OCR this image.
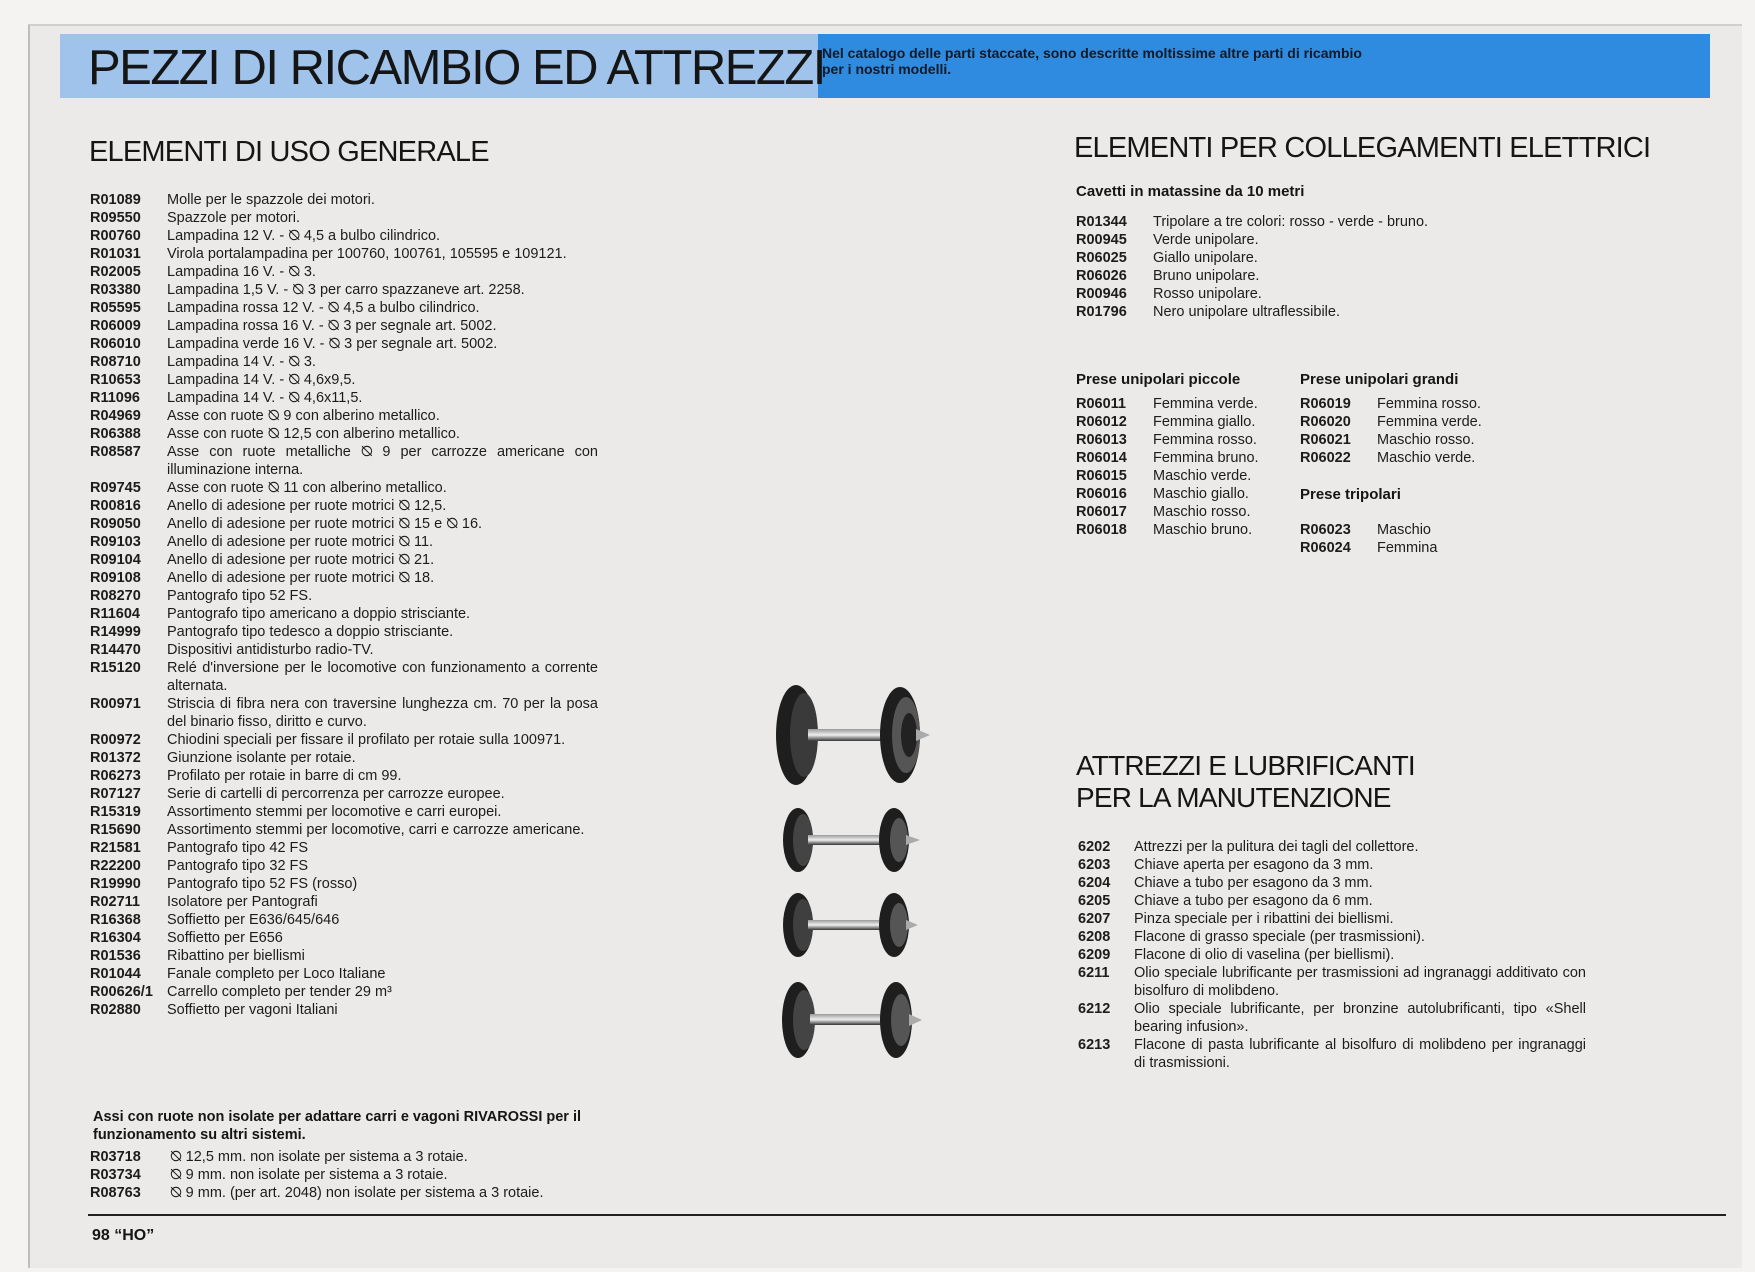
PEZZI DI RICAMBIO ED ATTREZZI
Nel catalogo delle parti staccate, sono descritte moltissime altre parti di ricambio per i nostri modelli.
ELEMENTI DI USO GENERALE
R01089	Molle per le spazzole dei motori.
R09550	Spazzole per motori.
R00760	Lampadina 12 V. - ⦰ 4,5 a bulbo cilindrico.
R01031	Virola portalampadina per 100760, 100761, 105595 e 109121.
R02005	Lampadina 16 V. - ⦰ 3.
R03380	Lampadina 1,5 V. - ⦰ 3 per carro spazzaneve art. 2258.
R05595	Lampadina rossa 12 V. - ⦰ 4,5 a bulbo cilindrico.
R06009	Lampadina rossa 16 V. - ⦰ 3 per segnale art. 5002.
R06010	Lampadina verde 16 V. - ⦰ 3 per segnale art. 5002.
R08710	Lampadina 14 V. - ⦰ 3.
R10653	Lampadina 14 V. - ⦰ 4,6x9,5.
R11096	Lampadina 14 V. - ⦰ 4,6x11,5.
R04969	Asse con ruote ⦰ 9 con alberino metallico.
R06388	Asse con ruote ⦰ 12,5 con alberino metallico.
R08587	Asse con ruote metalliche ⦰ 9 per carrozze americane con illuminazione interna.
R09745	Asse con ruote ⦰ 11 con alberino metallico.
R00816	Anello di adesione per ruote motrici ⦰ 12,5.
R09050	Anello di adesione per ruote motrici ⦰ 15 e ⦰ 16.
R09103	Anello di adesione per ruote motrici ⦰ 11.
R09104	Anello di adesione per ruote motrici ⦰ 21.
R09108	Anello di adesione per ruote motrici ⦰ 18.
R08270	Pantografo tipo 52 FS.
R11604	Pantografo tipo americano a doppio strisciante.
R14999	Pantografo tipo tedesco a doppio strisciante.
R14470	Dispositivi antidisturbo radio-TV.
R15120	Relé d'inversione per le locomotive con funzionamento a corrente alternata.
R00971	Striscia di fibra nera con traversine lunghezza cm. 70 per la posa del binario fisso, diritto e curvo.
R00972	Chiodini speciali per fissare il profilato per rotaie sulla 100971.
R01372	Giunzione isolante per rotaie.
R06273	Profilato per rotaie in barre di cm 99.
R07127	Serie di cartelli di percorrenza per carrozze europee.
R15319	Assortimento stemmi per locomotive e carri europei.
R15690	Assortimento stemmi per locomotive, carri e carrozze americane.
R21581	Pantografo tipo 42 FS
R22200	Pantografo tipo 32 FS
R19990	Pantografo tipo 52 FS (rosso)
R02711	Isolatore per Pantografi
R16368	Soffietto per E636/645/646
R16304	Soffietto per E656
R01536	Ribattino per biellismi
R01044	Fanale completo per Loco Italiane
R00626/1 Carrello completo per tender 29 m³
R02880	Soffietto per vagoni Italiani
Assi con ruote non isolate per adattare carri e vagoni RIVAROSSI per il funzionamento su altri sistemi.
R03718	⦰ 12,5 mm. non isolate per sistema a 3 rotaie.
R03734	⦰ 9 mm. non isolate per sistema a 3 rotaie.
R08763	⦰ 9 mm. (per art. 2048) non isolate per sistema a 3 rotaie.
ELEMENTI PER COLLEGAMENTI ELETTRICI
Cavetti in matassine da 10 metri
R01344	Tripolare a tre colori: rosso - verde - bruno.
R00945	Verde unipolare.
R06025	Giallo unipolare.
R06026	Bruno unipolare.
R00946	Rosso unipolare.
R01796	Nero unipolare ultraflessibile.
Prese unipolari piccole
R06011	Femmina verde.
R06012	Femmina giallo.
R06013	Femmina rosso.
R06014	Femmina bruno.
R06015	Maschio verde.
R06016	Maschio giallo.
R06017	Maschio rosso.
R06018	Maschio bruno.
Prese unipolari grandi
R06019	Femmina rosso.
R06020	Femmina verde.
R06021	Maschio rosso.
R06022	Maschio verde.
Prese tripolari
R06023	Maschio
R06024	Femmina
ATTREZZI E LUBRIFICANTI
PER LA MANUTENZIONE
6202	Attrezzi per la pulitura dei tagli del collettore.
6203	Chiave aperta per esagono da 3 mm.
6204	Chiave a tubo per esagono da 3 mm.
6205	Chiave a tubo per esagono da 6 mm.
6207	Pinza speciale per i ribattini dei biellismi.
6208	Flacone di grasso speciale (per trasmissioni).
6209	Flacone di olio di vaselina (per biellismi).
6211	Olio speciale lubrificante per trasmissioni ad ingranaggi additivato con bisolfuro di molibdeno.
6212	Olio speciale lubrificante, per bronzine autolubrificanti, tipo «Shell bearing infusion».
6213	Flacone di pasta lubrificante al bisolfuro di molibdeno per ingranaggi di trasmissioni.
98 “HO”
